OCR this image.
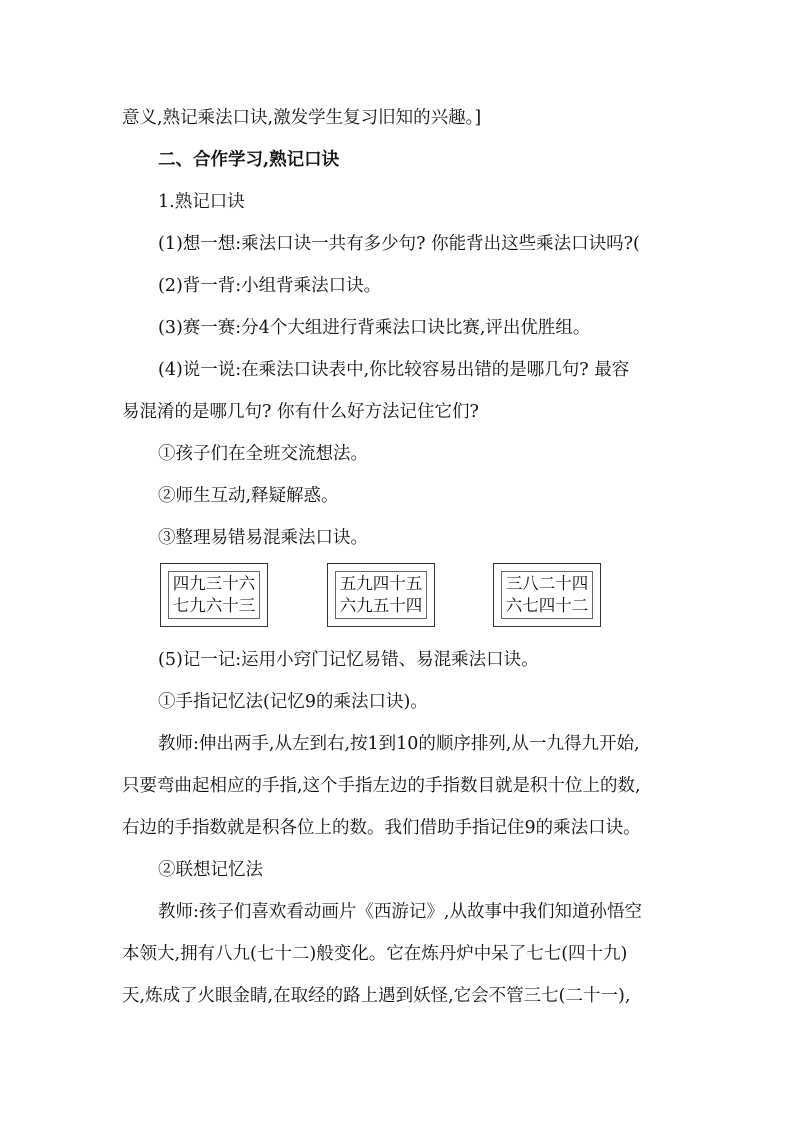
意义,熟记乘法口诀,激发学生复习旧知的兴趣。]
二、合作学习,熟记口诀
1.熟记口诀
(1)想一想:乘法口诀一共有多少句? 你能背出这些乘法口诀吗?(
(2)背一背:小组背乘法口诀。
(3)赛一赛:分4个大组进行背乘法口诀比赛,评出优胜组。
(4)说一说:在乘法口诀表中,你比较容易出错的是哪几句? 最容
易混淆的是哪几句? 你有什么好方法记住它们?
①孩子们在全班交流想法。
②师生互动,释疑解惑。
③整理易错易混乘法口诀。
四九三十六
七九六十三
五九四十五
六九五十四
三八二十四
六七四十二
(5)记一记:运用小窍门记忆易错、易混乘法口诀。
①手指记忆法(记忆9的乘法口诀)。
教师:伸出两手,从左到右,按1到10的顺序排列,从一九得九开始,
只要弯曲起相应的手指,这个手指左边的手指数目就是积十位上的数,
右边的手指数就是积各位上的数。我们借助手指记住9的乘法口诀。
②联想记忆法
教师:孩子们喜欢看动画片《西游记》,从故事中我们知道孙悟空
本领大,拥有八九(七十二)般变化。它在炼丹炉中呆了七七(四十九)
天,炼成了火眼金睛,在取经的路上遇到妖怪,它会不管三七(二十一),
